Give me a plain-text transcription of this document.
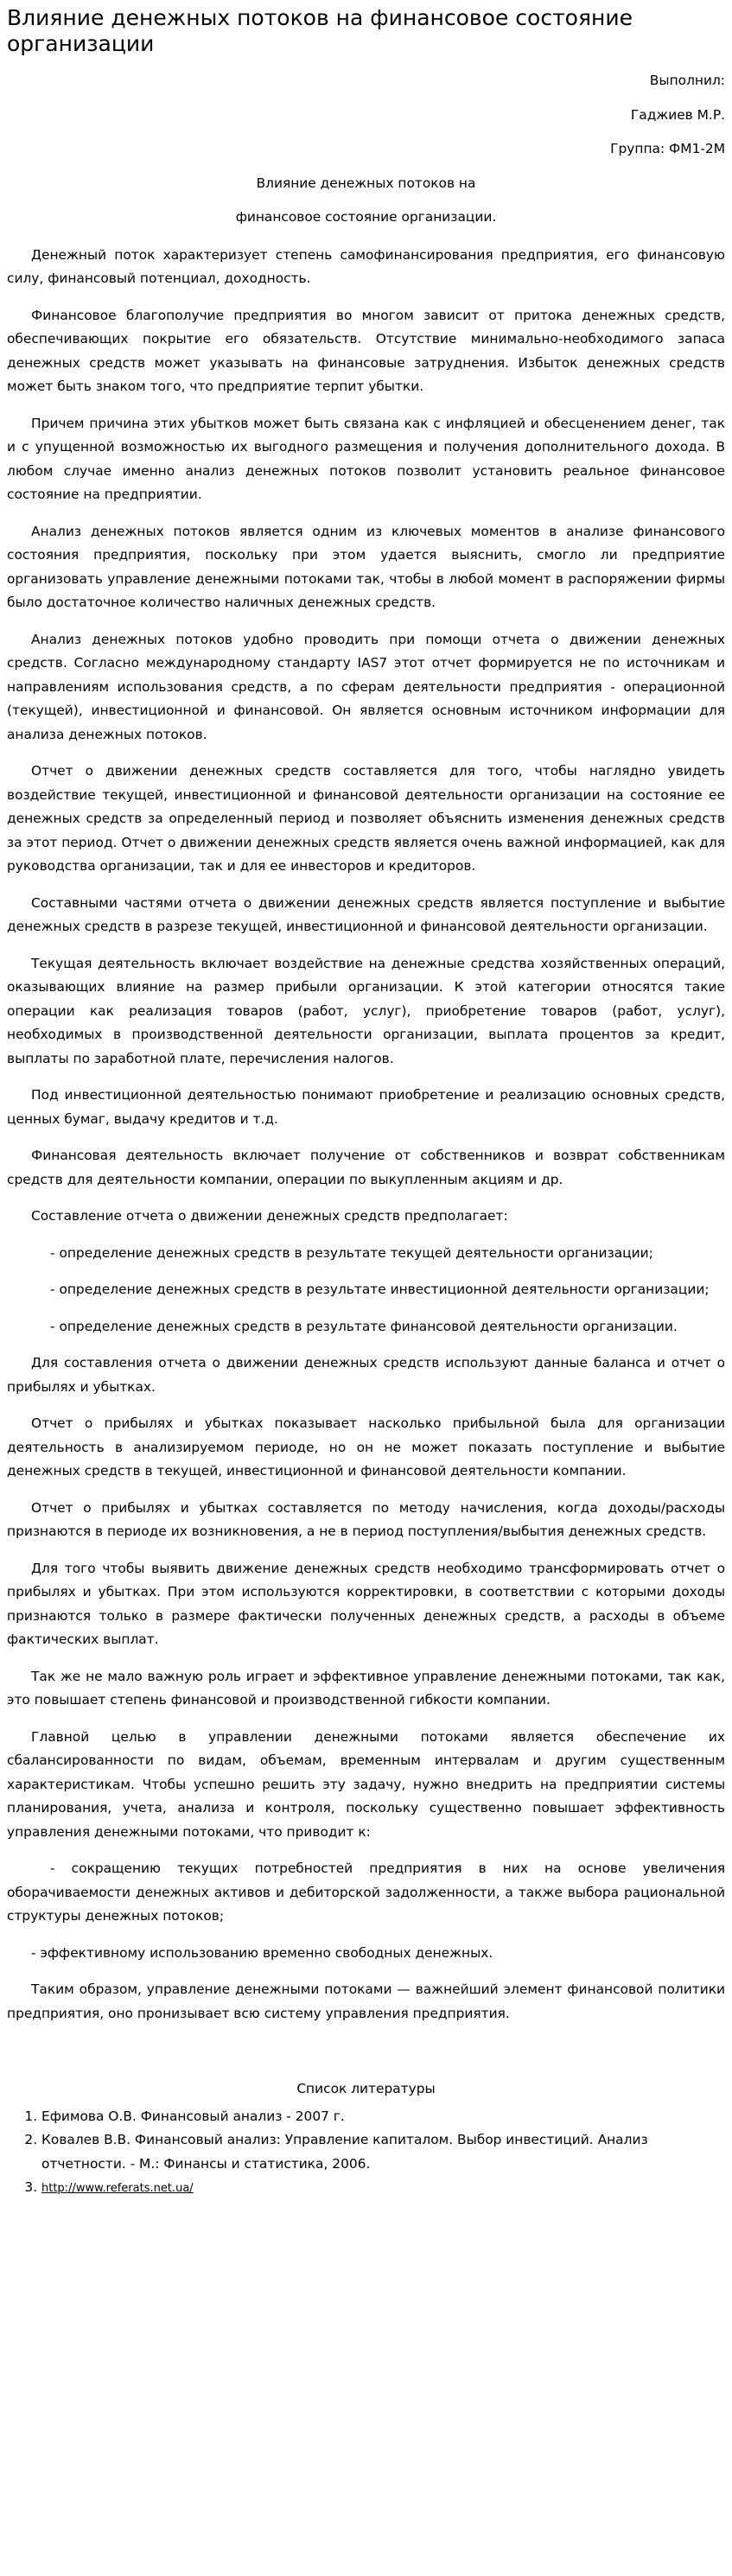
Влияние денежных потоков на финансовое состояние организации

Выполнил:

Гаджиев М.Р.

Группа: ФМ1-2М

Влияние денежных потоков на

финансовое состояние организации.

Денежный поток характеризует степень самофинансирования предприятия, его финансовую силу, финансовый потенциал, доходность.

Финансовое благополучие предприятия во многом зависит от притока денежных средств, обеспечивающих покрытие его обязательств. Отсутствие минимально-необходимого запаса денежных средств может указывать на финансовые затруднения. Избыток денежных средств может быть знаком того, что предприятие терпит убытки.

Причем причина этих убытков может быть связана как с инфляцией и обесценением денег, так и с упущенной возможностью их выгодного размещения и получения дополнительного дохода. В любом случае именно анализ денежных потоков позволит установить реальное финансовое состояние на предприятии.

Анализ денежных потоков является одним из ключевых моментов в анализе финансового состояния предприятия, поскольку при этом удается выяснить, смогло ли предприятие организовать управление денежными потоками так, чтобы в любой момент в распоряжении фирмы было достаточное количество наличных денежных средств.

Анализ денежных потоков удобно проводить при помощи отчета о движении денежных средств. Согласно международному стандарту IAS7 этот отчет формируется не по источникам и направлениям использования средств, а по сферам деятельности предприятия - операционной (текущей), инвестиционной и финансовой. Он является основным источником информации для анализа денежных потоков.

Отчет о движении денежных средств составляется для того, чтобы наглядно увидеть воздействие текущей, инвестиционной и финансовой деятельности организации на состояние ее денежных средств за определенный период и позволяет объяснить изменения денежных средств за этот период. Отчет о движении денежных средств является очень важной информацией, как для руководства организации, так и для ее инвесторов и кредиторов.

Составными частями отчета о движении денежных средств является поступление и выбытие денежных средств в разрезе текущей, инвестиционной и финансовой деятельности организации.

Текущая деятельность включает воздействие на денежные средства хозяйственных операций, оказывающих влияние на размер прибыли организации. К этой категории относятся такие операции как реализация товаров (работ, услуг), приобретение товаров (работ, услуг), необходимых в производственной деятельности организации, выплата процентов за кредит, выплаты по заработной плате, перечисления налогов.

Под инвестиционной деятельностью понимают приобретение и реализацию основных средств, ценных бумаг, выдачу кредитов и т.д.

Финансовая деятельность включает получение от собственников и возврат собственникам средств для деятельности компании, операции по выкупленным акциям и др.

Составление отчета о движении денежных средств предполагает:

- определение денежных средств в результате текущей деятельности организации;

- определение денежных средств в результате инвестиционной деятельности организации;

- определение денежных средств в результате финансовой деятельности организации.

Для составления отчета о движении денежных средств используют данные баланса и отчет о прибылях и убытках.

Отчет о прибылях и убытках показывает насколько прибыльной была для организации деятельность в анализируемом периоде, но он не может показать поступление и выбытие денежных средств в текущей, инвестиционной и финансовой деятельности компании.

Отчет о прибылях и убытках составляется по методу начисления, когда доходы/расходы признаются в периоде их возникновения, а не в период поступления/выбытия денежных средств.

Для того чтобы выявить движение денежных средств необходимо трансформировать отчет о прибылях и убытках. При этом используются корректировки, в соответствии с которыми доходы признаются только в размере фактически полученных денежных средств, а расходы в объеме фактических выплат.

Так же не мало важную роль играет и эффективное управление денежными потоками, так как, это повышает степень финансовой и производственной гибкости компании.

Главной целью в управлении денежными потоками является обеспечение их сбалансированности по видам, объемам, временным интервалам и другим существенным характеристикам. Чтобы успешно решить эту задачу, нужно внедрить на предприятии системы планирования, учета, анализа и контроля, поскольку существенно повышает эффективность управления денежными потоками, что приводит к:

- сокращению текущих потребностей предприятия в них на основе увеличения оборачиваемости денежных активов и дебиторской задолженности, а также выбора рациональной структуры денежных потоков;

- эффективному использованию временно свободных денежных.

Таким образом, управление денежными потоками — важнейший элемент финансовой политики предприятия, оно пронизывает всю систему управления предприятия.

Список литературы

1. Ефимова О.В. Финансовый анализ - 2007 г.
2. Ковалев В.В. Финансовый анализ: Управление капиталом. Выбор инвестиций. Анализ отчетности. - М.: Финансы и статистика, 2006.
3. http://www.referats.net.ua/
